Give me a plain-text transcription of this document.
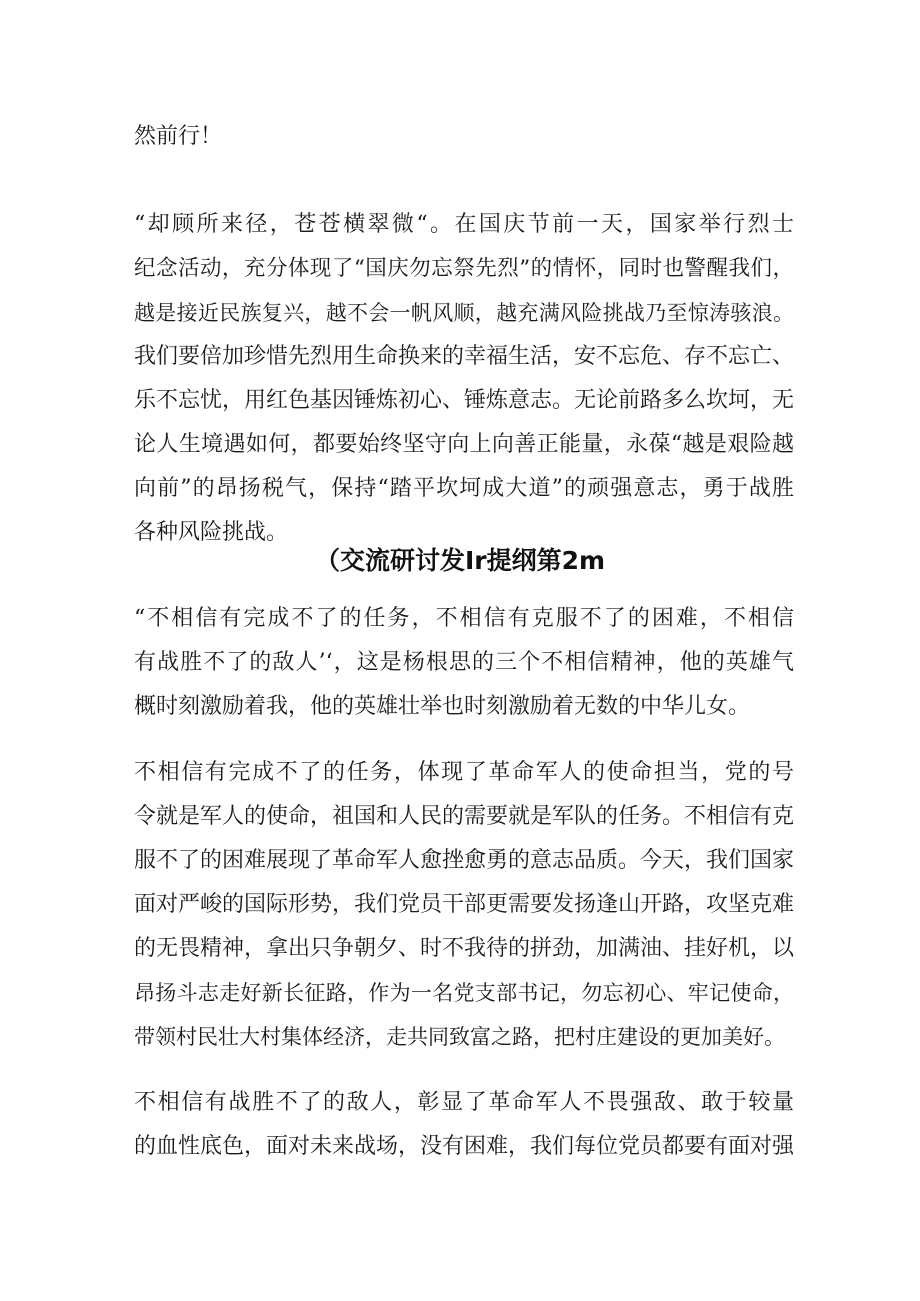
然前行！
“却顾所来径，苍苍横翠微“。在国庆节前一天，国家举行烈士
纪念活动，充分体现了“国庆勿忘祭先烈”的情怀，同时也警醒我们，
越是接近民族复兴，越不会一帆风顺，越充满风险挑战乃至惊涛骇浪。
我们要倍加珍惜先烈用生命换来的幸福生活，安不忘危、存不忘亡、
乐不忘忧，用红色基因锤炼初心、锤炼意志。无论前路多么坎坷，无
论人生境遇如何，都要始终坚守向上向善正能量，永葆“越是艰险越
向前”的昂扬税气，保持“踏平坎坷成大道”的顽强意志，勇于战胜
各种风险挑战。
（交流研讨发Ir提纲第2m
“不相信有完成不了的任务，不相信有克服不了的困难，不相信
有战胜不了的敌人’‘，这是杨根思的三个不相信精神，他的英雄气
概时刻激励着我，他的英雄壮举也时刻激励着无数的中华儿女。
不相信有完成不了的任务，体现了革命军人的使命担当，党的号
令就是军人的使命，祖国和人民的需要就是军队的任务。不相信有克
服不了的困难展现了革命军人愈挫愈勇的意志品质。今天，我们国家
面对严峻的国际形势，我们党员干部更需要发扬逢山开路，攻坚克难
的无畏精神，拿出只争朝夕、时不我待的拼劲，加满油、挂好机，以
昂扬斗志走好新长征路，作为一名党支部书记，勿忘初心、牢记使命，
带领村民壮大村集体经济，走共同致富之路，把村庄建设的更加美好。
不相信有战胜不了的敌人，彰显了革命军人不畏强敌、敢于较量
的血性底色，面对未来战场，没有困难，我们每位党员都要有面对强
